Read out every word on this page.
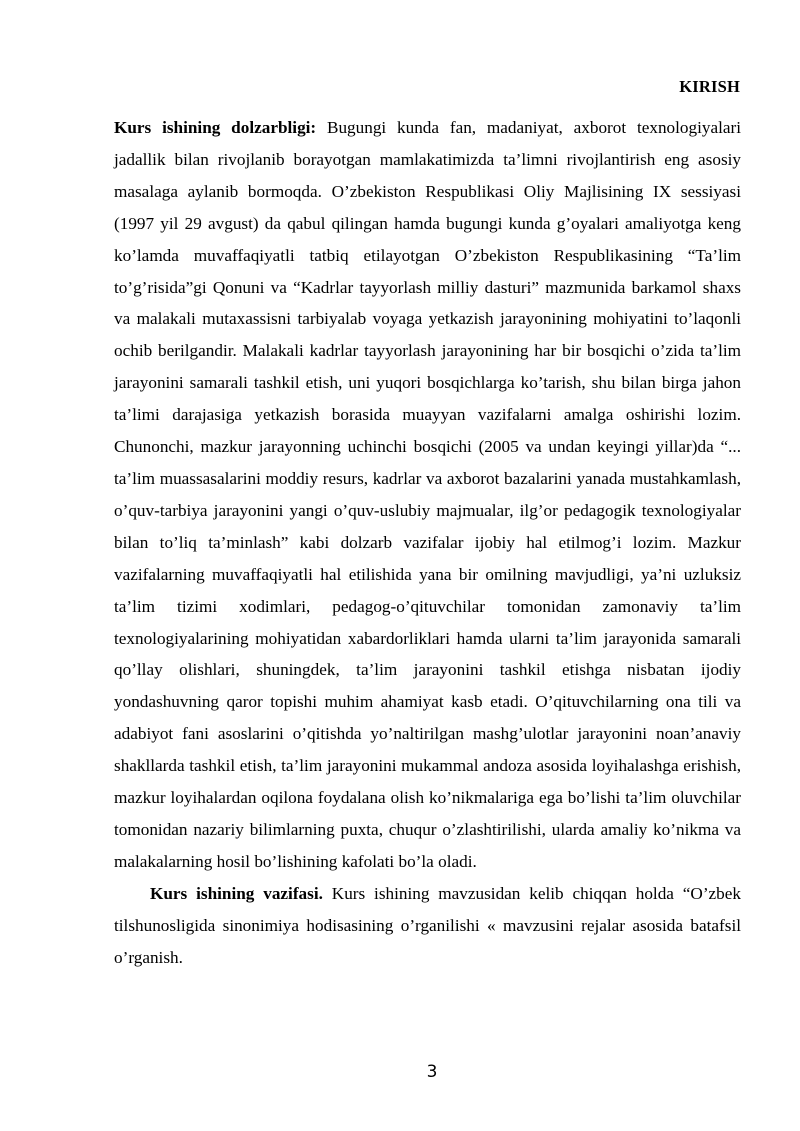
KIRISH

Kurs ishining dolzarbligi: Bugungi kunda fan, madaniyat, axborot texnologiyalari jadallik bilan rivojlanib borayotgan mamlakatimizda ta’limni rivojlantirish eng asosiy masalaga aylanib bormoqda. O’zbekiston Respublikasi Oliy Majlisining IX sessiyasi (1997 yil 29 avgust) da qabul qilingan hamda bugungi kunda g’oyalari amaliyotga keng ko’lamda muvaffaqiyatli tatbiq etilayotgan O’zbekiston Respublikasining “Ta’lim to’g’risida”gi Qonuni va “Kadrlar tayyorlash milliy dasturi” mazmunida barkamol shaxs va malakali mutaxassisni tarbiyalab voyaga yetkazish jarayonining mohiyatini to’laqonli ochib berilgandir. Malakali kadrlar tayyorlash jarayonining har bir bosqichi o’zida ta’lim jarayonini samarali tashkil etish, uni yuqori bosqichlarga ko’tarish, shu bilan birga jahon ta’limi darajasiga yetkazish borasida muayyan vazifalarni amalga oshirishi lozim. Chunonchi, mazkur jarayonning uchinchi bosqichi (2005 va undan keyingi yillar)da “... ta’lim muassasalarini moddiy resurs, kadrlar va axborot bazalarini yanada mustahkamlash, o’quv-tarbiya jarayonini yangi o’quv-uslubiy majmualar, ilg’or pedagogik texnologiyalar bilan to’liq ta’minlash” kabi dolzarb vazifalar ijobiy hal etilmog’i lozim. Mazkur vazifalarning muvaffaqiyatli hal etilishida yana bir omilning mavjudligi, ya’ni uzluksiz ta’lim tizimi xodimlari, pedagog-o’qituvchilar tomonidan zamonaviy ta’lim texnologiyalarining mohiyatidan xabardorliklari hamda ularni ta’lim jarayonida samarali qo’llay olishlari, shuningdek, ta’lim jarayonini tashkil etishga nisbatan ijodiy yondashuvning qaror topishi muhim ahamiyat kasb etadi. O’qituvchilarning ona tili va adabiyot fani asoslarini o’qitishda yo’naltirilgan mashg’ulotlar jarayonini noan’anaviy shakllarda tashkil etish, ta’lim jarayonini mukammal andoza asosida loyihalashga erishish, mazkur loyihalardan oqilona foydalana olish ko’nikmalariga ega bo’lishi ta’lim oluvchilar tomonidan nazariy bilimlarning puxta, chuqur o’zlashtirilishi, ularda amaliy ko’nikma va malakalarning hosil bo’lishining kafolati bo’la oladi.

Kurs ishining vazifasi. Kurs ishining mavzusidan kelib chiqqan holda “O’zbek tilshunosligida sinonimiya hodisasining o’rganilishi « mavzusini rejalar asosida batafsil o’rganish.

3
